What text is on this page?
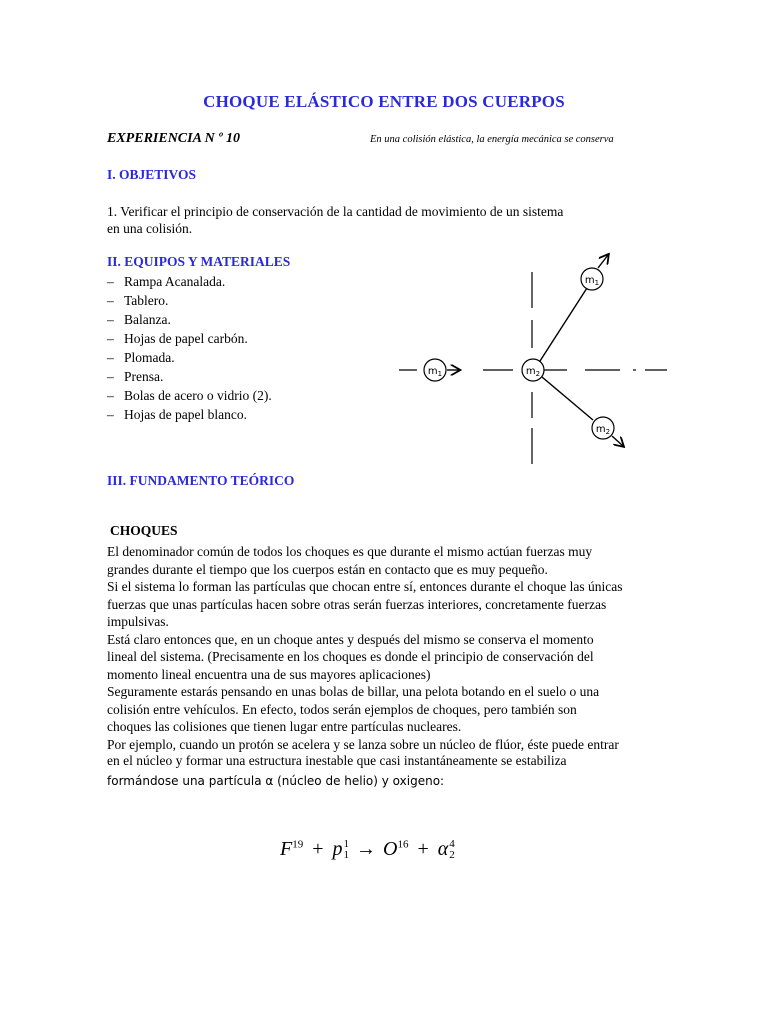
CHOQUE ELÁSTICO ENTRE DOS CUERPOS
EXPERIENCIA N º 10	En una colisión elástica, la energía mecánica se conserva
I. OBJETIVOS
1. Verificar el principio de conservación de la cantidad de movimiento de un sistema
en una colisión.
II. EQUIPOS Y MATERIALES
– Rampa Acanalada.
– Tablero.
– Balanza.
– Hojas de papel carbón.
– Plomada.
– Prensa.
– Bolas de acero o vidrio (2).
– Hojas de papel blanco.
$m_1$	$m_2$
$m_1$
$m_2$
III. FUNDAMENTO TEÓRICO
CHOQUES

El denominador común de todos los choques es que durante el mismo actúan fuerzas muy

grandes durante el tiempo que los cuerpos están en contacto que es muy pequeño.

Si el sistema lo forman las partículas que chocan entre sí, entonces durante el choque las únicas

fuerzas que unas partículas hacen sobre otras serán fuerzas interiores, concretamente fuerzas

impulsivas.

Está claro entonces que, en un choque antes y después del mismo se conserva el momento

lineal del sistema. (Precisamente en los choques es donde el principio de conservación del

momento lineal encuentra una de sus mayores aplicaciones)

Seguramente estarás pensando en unas bolas de billar, una pelota botando en el suelo o una

colisión entre vehículos. En efecto, todos serán ejemplos de choques, pero también son

choques las colisiones que tienen lugar entre partículas nucleares.

Por ejemplo, cuando un protón se acelera y se lanza sobre un núcleo de flúor, éste puede entrar

en el núcleo y formar una estructura inestable que casi instantáneamente se estabiliza
formándose una partícula α (núcleo de helio) y oxigeno:
$F^{19} + p1$
$1 \to O^{16} + \alpha 4$
2
